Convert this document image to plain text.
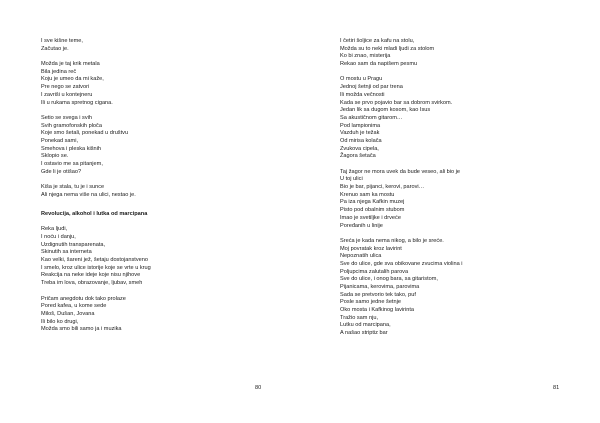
I sve kišne teme,
Začutao je.
Možda je taj krik metala
Bila jedina reč
Koju je umeo da mi kaže,
Pre nego se zatvori
I zavriši u kontejneru
Ili u rukama spretnog cigana.
Setio se svega i svih
Svih gramofonskih ploča
Koje smo šetali, ponekad u društvu
Ponekad sami,
Smehova i pleska kišnih
Sklopio se.
I ostavio me sa pitanjem,
Gde li je otišao?
Kiša je stala, tu je i sunce
Ali njega nema više na ulici, nestao je.
Revolucija, alkohol i lutka od marcipana
Reka ljudi,
I noću i danju,
Uzdignutih transparenata,
Skinutih sa interneta
Kao velki, šareni jež, šetaju dostojanstveno
I smelo, kroz ulice istorije koje se vrte u krug
Reakcija na neke ideje koje nisu njihove
Treba im lova, obrazovanje, ljubav, smeh
Pričam anegdotu dok tako prolaze
Pored kafea, u komе sede
Miloš, Dušan, Jovana
Ili bilo ko drugi,
Možda smo bili samo ja i muzika
80
I četiri šoljice za kafu na stolu,
Možda su to neki mladi ljudi za stolom
Ko bi znao, misterija
Rekao sam da napišem pesmu
O mostu u Pragu
Jednoj šetnji od par trena
Ili možda večnosti
Kada se prvo pojavio bar sa dobrom svirkom.
Jedan lik sa dugom kosom, kao Isus
Sa akustičnom gitarom…
Pod lampionima
Vazduh je težak
Od mirisa kolača
Zvukova cipela,
Žagora šetača
Taj žagor ne mora uvek da bude veseo, ali bio je
U toj ulici
Bio je bar, pijanci, kerovi, parovi…
Krenuo sam ka mostu
Pa iza njega Kafkin muzej
Pisto pod obalnim stubom
Imao je svetiljke i drveće
Poređanih u linije
Sreća je kada nema nikog, a bilo je sreće.
Moj povratak kroz lavirint
Nepoznatih ulica
Sve do ulice, gde sva obikovane zvucima violina i
Poljupcima zalutalih parova
Sve do ulice, i onog bara, sa gitaristom,
Pijanicama, kerovima, parovima
Sada se pretvorio tek tako, puf
Posle samo jedne šetnje
Oko mosta i Kafkinog lavirinta
Tražio sam nju,
Lutku od marcipana,
A našao striptiz bar
81
